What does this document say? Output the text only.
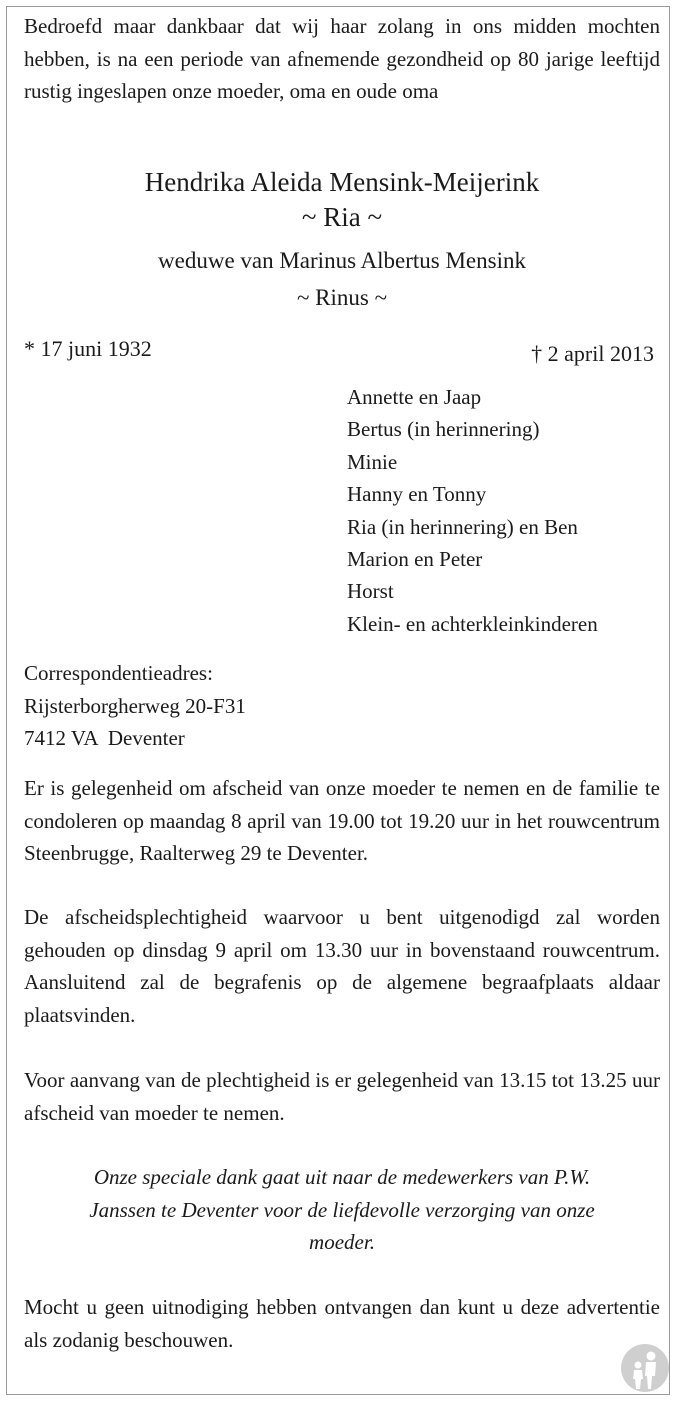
Bedroefd maar dankbaar dat wij haar zolang in ons midden mochten hebben, is na een periode van afnemende gezondheid op 80 jarige leeftijd rustig ingeslapen onze moeder, oma en oude oma

Hendrika Aleida Mensink-Meijerink
~ Ria ~
weduwe van Marinus Albertus Mensink
~ Rinus ~
* 17 juni 1932	† 2 april 2013
Annette en Jaap
Bertus (in herinnering)
Minie
Hanny en Tonny
Ria (in herinnering) en Ben
Marion en Peter
Horst
Klein- en achterkleinkinderen
Correspondentieadres:
Rijsterborgherweg 20-F31
7412 VA  Deventer

Er is gelegenheid om afscheid van onze moeder te nemen en de familie te condoleren op maandag 8 april van 19.00 tot 19.20 uur in het rouwcentrum Steenbrugge, Raalterweg 29 te Deventer.

De afscheidsplechtigheid waarvoor u bent uitgenodigd zal worden gehouden op dinsdag 9 april om 13.30 uur in bovenstaand rouwcentrum. Aansluitend zal de begrafenis op de algemene begraafplaats aldaar plaatsvinden.

Voor aanvang van de plechtigheid is er gelegenheid van 13.15 tot 13.25 uur afscheid van moeder te nemen.

Onze speciale dank gaat uit naar de medewerkers van P.W.
Janssen te Deventer voor de liefdevolle verzorging van onze
moeder.

Mocht u geen uitnodiging hebben ontvangen dan kunt u deze advertentie als zodanig beschouwen.
